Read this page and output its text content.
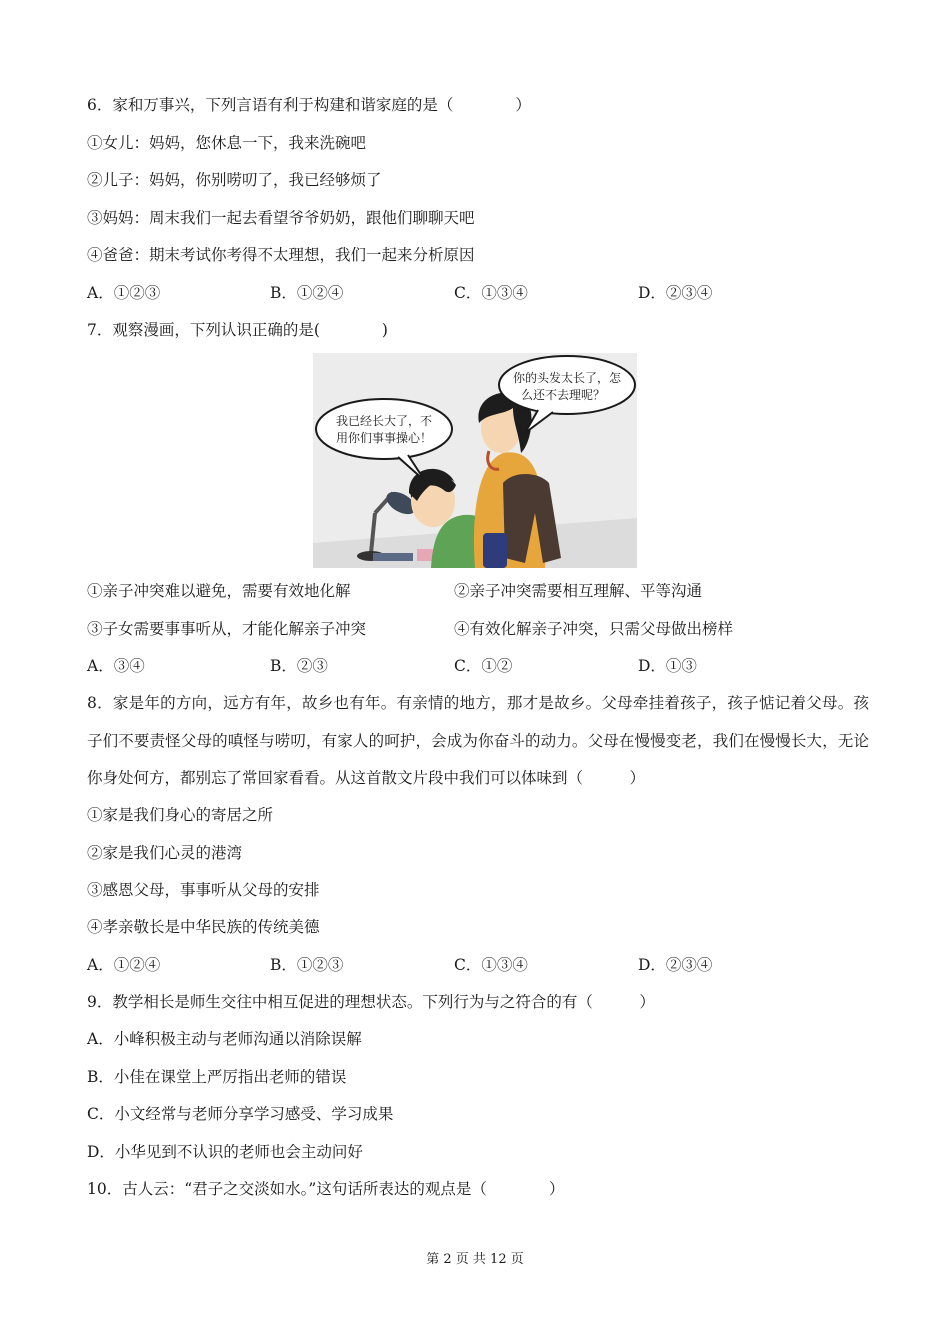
6．家和万事兴，下列言语有利于构建和谐家庭的是（　　　　）
①女儿：妈妈，您休息一下，我来洗碗吧
②儿子：妈妈，你别唠叨了，我已经够烦了
③妈妈：周末我们一起去看望爷爷奶奶，跟他们聊聊天吧
④爸爸：期末考试你考得不太理想，我们一起来分析原因
A．①②③	B．①②④	C．①③④	D．②③④
7．观察漫画，下列认识正确的是(　　　　)
我已经长大了，不
用你们事事操心！
你的头发太长了，怎
么还不去理呢？
①亲子冲突难以避免，需要有效地化解	②亲子冲突需要相互理解、平等沟通
③子女需要事事听从，才能化解亲子冲突	④有效化解亲子冲突，只需父母做出榜样
A．③④	B．②③	C．①②	D．①③
8．家是年的方向，远方有年，故乡也有年。有亲情的地方，那才是故乡。父母牵挂着孩子，孩子惦记着父母。孩子们不要责怪父母的嗔怪与唠叨，有家人的呵护，会成为你奋斗的动力。父母在慢慢变老，我们在慢慢长大，无论你身处何方，都别忘了常回家看看。从这首散文片段中我们可以体味到（　　　）
①家是我们身心的寄居之所
②家是我们心灵的港湾
③感恩父母，事事听从父母的安排
④孝亲敬长是中华民族的传统美德
A．①②④	B．①②③	C．①③④	D．②③④
9．教学相长是师生交往中相互促进的理想状态。下列行为与之符合的有（　　　）
A．小峰积极主动与老师沟通以消除误解
B．小佳在课堂上严厉指出老师的错误
C．小文经常与老师分享学习感受、学习成果
D．小华见到不认识的老师也会主动问好
10．古人云：“君子之交淡如水。”这句话所表达的观点是（　　　　）
第 2 页 共 12 页
